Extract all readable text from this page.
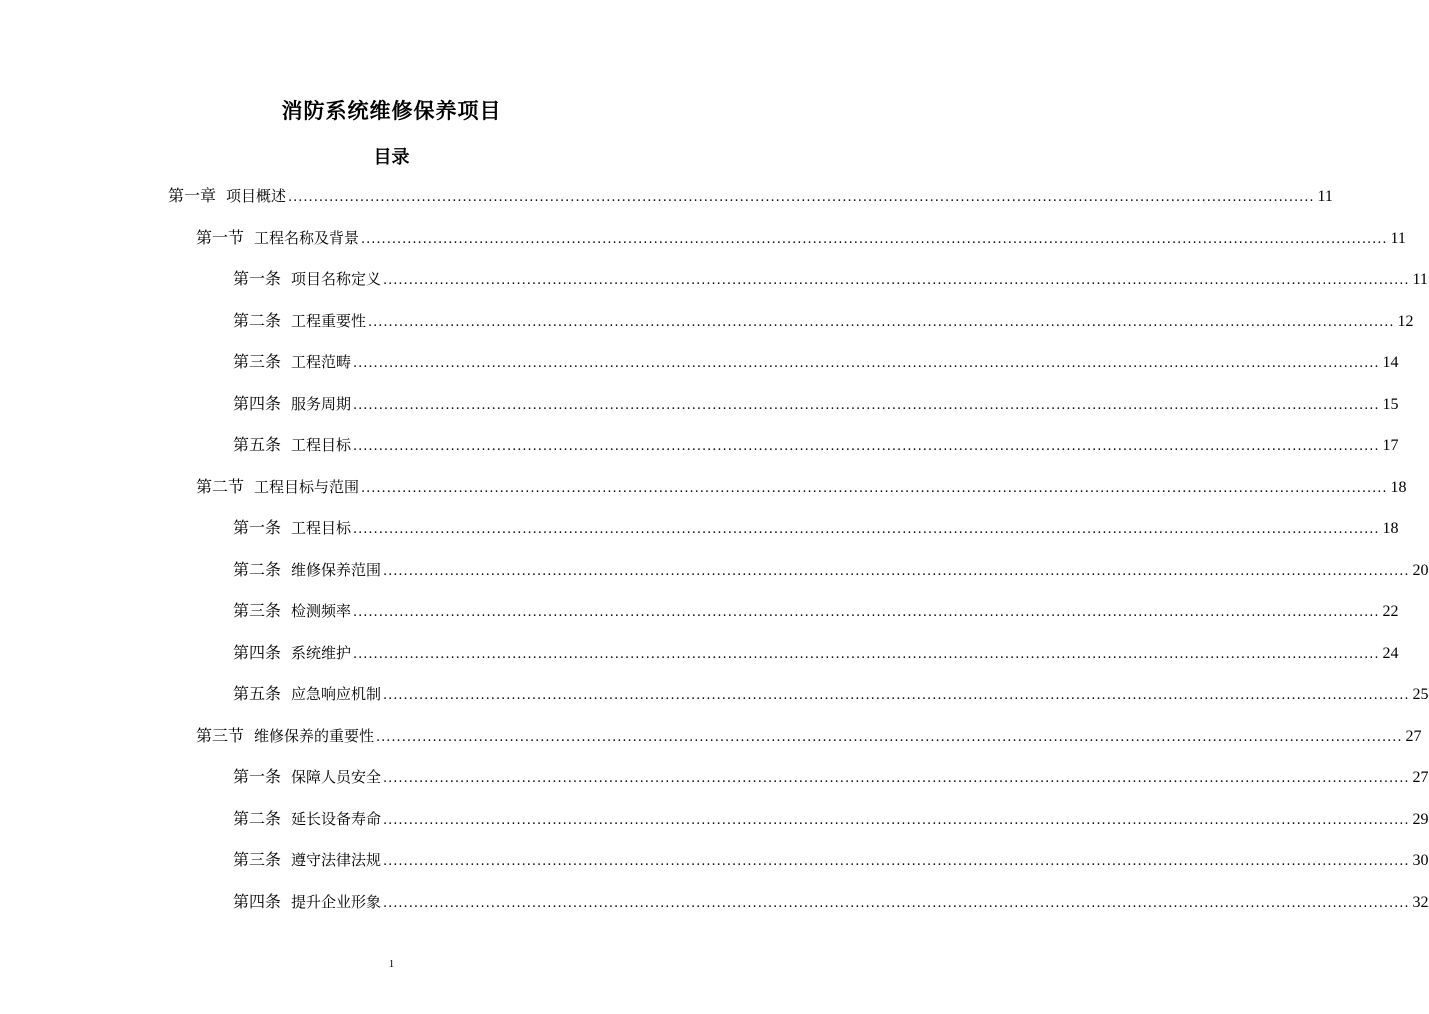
消防系统维修保养项目
目录
第一章 项目概述 ........................................................................................................................................................................................................ 11
第一节 工程名称及背景 ........................................................................................................................................................................................................ 11
第一条 项目名称定义 ........................................................................................................................................................................................................ 11
第二条 工程重要性 ........................................................................................................................................................................................................ 12
第三条 工程范畴 ........................................................................................................................................................................................................ 14
第四条 服务周期 ........................................................................................................................................................................................................ 15
第五条 工程目标 ........................................................................................................................................................................................................ 17
第二节 工程目标与范围 ........................................................................................................................................................................................................ 18
第一条 工程目标 ........................................................................................................................................................................................................ 18
第二条 维修保养范围 ........................................................................................................................................................................................................ 20
第三条 检测频率 ........................................................................................................................................................................................................ 22
第四条 系统维护 ........................................................................................................................................................................................................ 24
第五条 应急响应机制 ........................................................................................................................................................................................................ 25
第三节 维修保养的重要性 ........................................................................................................................................................................................................ 27
第一条 保障人员安全 ........................................................................................................................................................................................................ 27
第二条 延长设备寿命 ........................................................................................................................................................................................................ 29
第三条 遵守法律法规 ........................................................................................................................................................................................................ 30
第四条 提升企业形象 ........................................................................................................................................................................................................ 32
1
